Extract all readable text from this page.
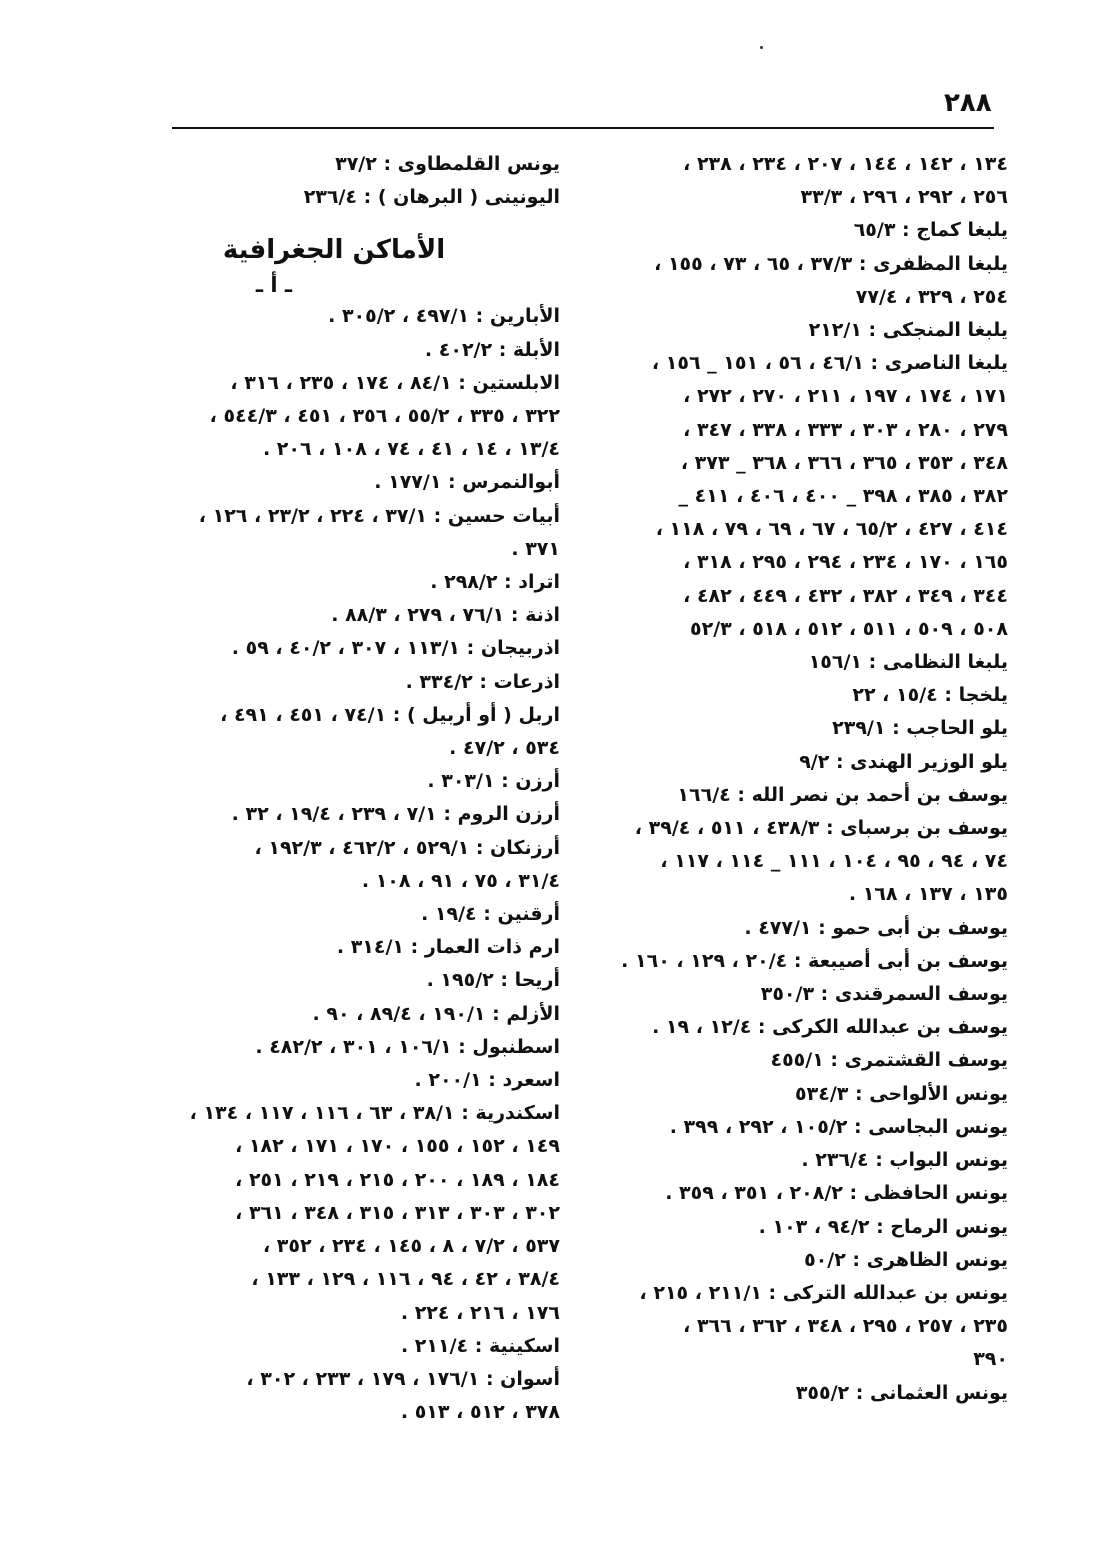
٢٨٨
١٣٤ ، ١٤٢ ، ١٤٤ ، ٢٠٧ ، ٢٣٤ ، ٢٣٨ ،
٢٥٦ ، ٢٩٢ ، ٢٩٦ ، ٣٣/٣
يلبغا كماج : ٦٥/٣
يلبغا المظفرى : ٣٧/٣ ، ٦٥ ، ٧٣ ، ١٥٥ ،
٢٥٤ ، ٣٢٩ ، ٧٧/٤
يلبغا المنجكى : ٢١٢/١
يلبغا الناصرى : ٤٦/١ ، ٥٦ ، ١٥١ _ ١٥٦ ،
١٧١ ، ١٧٤ ، ١٩٧ ، ٢١١ ، ٢٧٠ ، ٢٧٢ ،
٢٧٩ ، ٢٨٠ ، ٣٠٣ ، ٣٣٣ ، ٣٣٨ ، ٣٤٧ ،
٣٤٨ ، ٣٥٣ ، ٣٦٥ ، ٣٦٦ ، ٣٦٨ _ ٣٧٣ ،
٣٨٢ ، ٣٨٥ ، ٣٩٨ _ ٤٠٠ ، ٤٠٦ ، ٤١١ _
٤١٤ ، ٤٢٧ ، ٦٥/٢ ، ٦٧ ، ٦٩ ، ٧٩ ، ١١٨ ،
١٦٥ ، ١٧٠ ، ٢٣٤ ، ٢٩٤ ، ٢٩٥ ، ٣١٨ ،
٣٤٤ ، ٣٤٩ ، ٣٨٢ ، ٤٣٢ ، ٤٤٩ ، ٤٨٢ ،
٥٠٨ ، ٥٠٩ ، ٥١١ ، ٥١٢ ، ٥١٨ ، ٥٢/٣
يلبغا النظامى : ١٥٦/١
يلخجا : ١٥/٤ ، ٢٢
يلو الحاجب : ٢٣٩/١
يلو الوزير الهندى : ٩/٢
يوسف بن أحمد بن نصر الله : ١٦٦/٤
يوسف بن برسباى : ٤٣٨/٣ ، ٥١١ ، ٣٩/٤ ،
٧٤ ، ٩٤ ، ٩٥ ، ١٠٤ ، ١١١ _ ١١٤ ، ١١٧ ،
١٣٥ ، ١٣٧ ، ١٦٨ .
يوسف بن أبى حمو : ٤٧٧/١ .
يوسف بن أبى أصيبعة : ٢٠/٤ ، ١٢٩ ، ١٦٠ .
يوسف السمرقندى : ٣٥٠/٣
يوسف بن عبدالله الكركى : ١٢/٤ ، ١٩ .
يوسف القشتمرى : ٤٥٥/١
يونس الألواحى : ٥٣٤/٣
يونس البجاسى : ١٠٥/٢ ، ٢٩٢ ، ٣٩٩ .
يونس البواب : ٢٣٦/٤ .
يونس الحافظى : ٢٠٨/٢ ، ٣٥١ ، ٣٥٩ .
يونس الرماح : ٩٤/٢ ، ١٠٣ .
يونس الظاهرى : ٥٠/٢
يونس بن عبدالله التركى : ٢١١/١ ، ٢١٥ ،
٢٣٥ ، ٢٥٧ ، ٢٩٥ ، ٣٤٨ ، ٣٦٢ ، ٣٦٦ ،
٣٩٠
يونس العثمانى : ٣٥٥/٢
يونس القلمطاوى : ٣٧/٢
اليونينى ( البرهان ) : ٢٣٦/٤
الأماكن الجغرافية
ـ أ ـ
الأبارين : ٤٩٧/١ ، ٣٠٥/٢ .
الأبلة : ٤٠٢/٢ .
الابلستين : ٨٤/١ ، ١٧٤ ، ٢٣٥ ، ٣١٦ ،
٣٢٢ ، ٣٣٥ ، ٥٥/٢ ، ٣٥٦ ، ٤٥١ ، ٥٤٤/٣ ،
١٣/٤ ، ١٤ ، ٤١ ، ٧٤ ، ١٠٨ ، ٢٠٦ .
أبوالنمرس : ١٧٧/١ .
أبيات حسين : ٣٧/١ ، ٢٢٤ ، ٢٣/٢ ، ١٢٦ ،
٣٧١ .
اتراد : ٢٩٨/٢ .
اذنة : ٧٦/١ ، ٢٧٩ ، ٨٨/٣ .
اذربيجان : ١١٣/١ ، ٣٠٧ ، ٤٠/٢ ، ٥٩ .
اذرعات : ٣٣٤/٢ .
اربل ( أو أربيل ) : ٧٤/١ ، ٤٥١ ، ٤٩١ ،
٥٣٤ ، ٤٧/٢ .
أرزن : ٣٠٣/١ .
أرزن الروم : ٧/١ ، ٢٣٩ ، ١٩/٤ ، ٣٢ .
أرزنكان : ٥٢٩/١ ، ٤٦٢/٢ ، ١٩٢/٣ ،
٣١/٤ ، ٧٥ ، ٩١ ، ١٠٨ .
أرقنين : ١٩/٤ .
ارم ذات العمار : ٣١٤/١ .
أريحا : ١٩٥/٢ .
الأزلم : ١٩٠/١ ، ٨٩/٤ ، ٩٠ .
اسطنبول : ١٠٦/١ ، ٣٠١ ، ٤٨٢/٢ .
اسعرد : ٢٠٠/١ .
اسكندرية : ٣٨/١ ، ٦٣ ، ١١٦ ، ١١٧ ، ١٣٤ ،
١٤٩ ، ١٥٢ ، ١٥٥ ، ١٧٠ ، ١٧١ ، ١٨٢ ،
١٨٤ ، ١٨٩ ، ٢٠٠ ، ٢١٥ ، ٢١٩ ، ٢٥١ ،
٣٠٢ ، ٣٠٣ ، ٣١٣ ، ٣١٥ ، ٣٤٨ ، ٣٦١ ،
٥٣٧ ، ٧/٢ ، ٨ ، ١٤٥ ، ٢٣٤ ، ٣٥٢ ،
٣٨/٤ ، ٤٢ ، ٩٤ ، ١١٦ ، ١٢٩ ، ١٣٣ ،
١٧٦ ، ٢١٦ ، ٢٢٤ .
اسكينية : ٢١١/٤ .
أسوان : ١٧٦/١ ، ١٧٩ ، ٢٣٣ ، ٣٠٢ ،
٣٧٨ ، ٥١٢ ، ٥١٣ .
